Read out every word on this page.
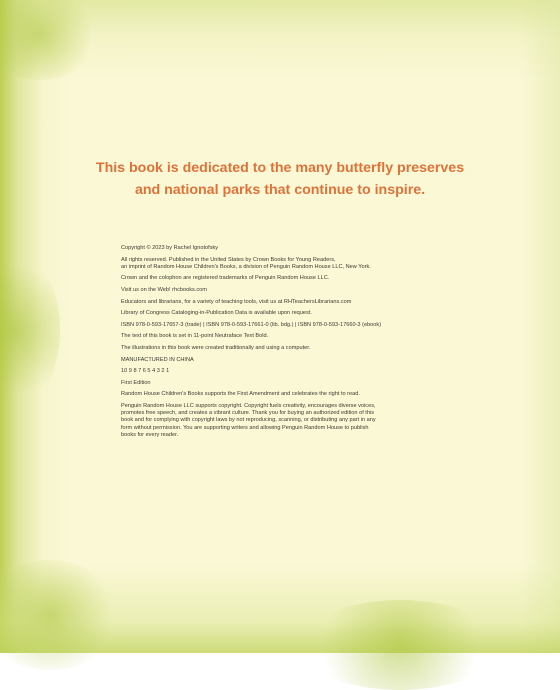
This book is dedicated to the many butterfly preserves
and national parks that continue to inspire.

Copyright © 2023 by Rachel Ignotofsky

All rights reserved. Published in the United States by Crown Books for Young Readers,
an imprint of Random House Children's Books, a division of Penguin Random House LLC, New York.

Crown and the colophon are registered trademarks of Penguin Random House LLC.

Visit us on the Web! rhcbooks.com

Educators and librarians, for a variety of teaching tools, visit us at RHTeachersLibrarians.com

Library of Congress Cataloging-in-Publication Data is available upon request.

ISBN 978-0-593-17657-3 (trade) | ISBN 978-0-593-17661-0 (lib. bdg.) | ISBN 978-0-593-17660-3 (ebook)

The text of this book is set in 11-point Neutraface Text Bold.

The illustrations in this book were created traditionally and using a computer.

MANUFACTURED IN CHINA

10 9 8 7 6 5 4 3 2 1

First Edition

Random House Children's Books supports the First Amendment and celebrates the right to read.

Penguin Random House LLC supports copyright. Copyright fuels creativity, encourages diverse voices,
promotes free speech, and creates a vibrant culture. Thank you for buying an authorized edition of this
book and for complying with copyright laws by not reproducing, scanning, or distributing any part in any
form without permission. You are supporting writers and allowing Penguin Random House to publish
books for every reader.
